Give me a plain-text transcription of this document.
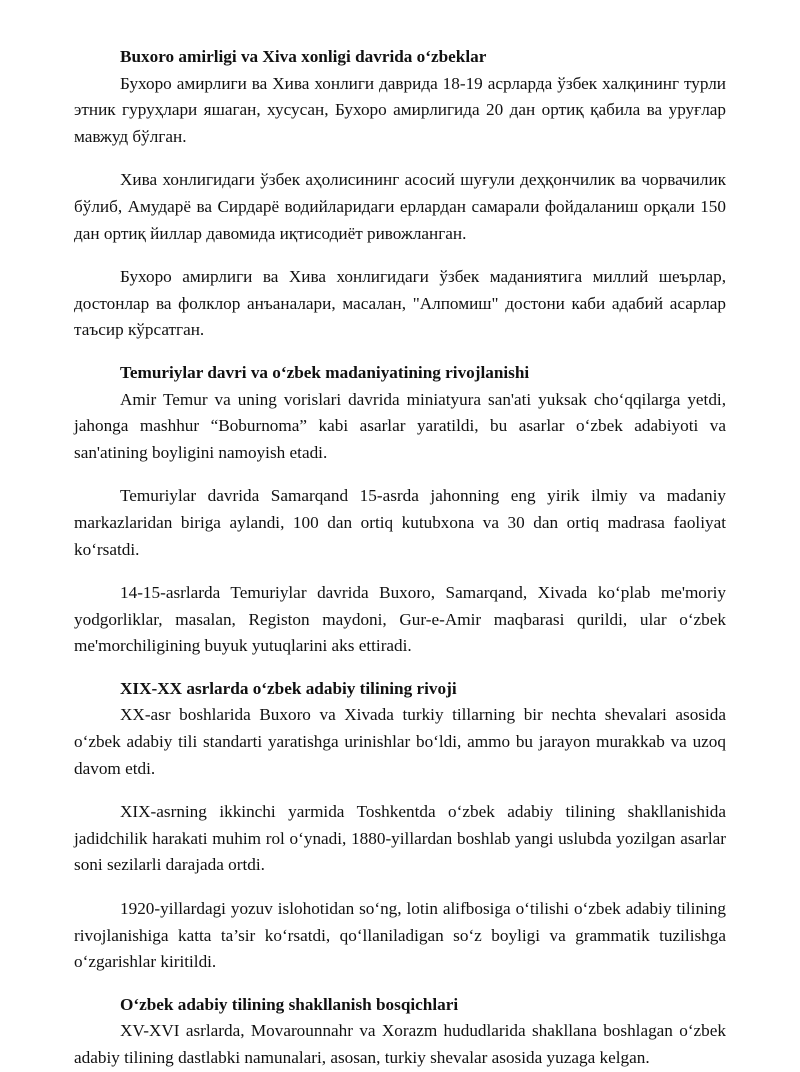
Buxoro amirligi va Xiva xonligi davrida o‘zbeklar

Бухоро амирлиги ва Хива хонлиги даврида 18-19 асрларда ўзбек халқининг турли этник гуруҳлари яшаган, хусусан, Бухоро амирлигида 20 дан ортиқ қабила ва уруғлар мавжуд бўлган.

Хива хонлигидаги ўзбек аҳолисининг асосий шуғули деҳқончилик ва чорвачилик бўлиб, Амударё ва Сирдарё водийларидаги ерлардан самарали фойдаланиш орқали 150 дан ортиқ йиллар давомида иқтисодиёт ривожланган.

Бухоро амирлиги ва Хива хонлигидаги ўзбек маданиятига миллий шеърлар, достонлар ва фолклор анъаналари, масалан, "Алпомиш" достони каби адабий асарлар таъсир кўрсатган.

Temuriylar davri va o‘zbek madaniyatining rivojlanishi

Amir Temur va uning vorislari davrida miniatyura san'ati yuksak cho‘qqilarga yetdi, jahonga mashhur “Boburnoma” kabi asarlar yaratildi, bu asarlar o‘zbek adabiyoti va san'atining boyligini namoyish etadi.

Temuriylar davrida Samarqand 15-asrda jahonning eng yirik ilmiy va madaniy markazlaridan biriga aylandi, 100 dan ortiq kutubxona va 30 dan ortiq madrasa faoliyat ko‘rsatdi.

14-15-asrlarda Temuriylar davrida Buxoro, Samarqand, Xivada ko‘plab me'moriy yodgorliklar, masalan, Registon maydoni, Gur-e-Amir maqbarasi qurildi, ular o‘zbek me'morchiligining buyuk yutuqlarini aks ettiradi.

XIX-XX asrlarda o‘zbek adabiy tilining rivoji

XX-asr boshlarida Buxoro va Xivada turkiy tillarning bir nechta shevalari asosida o‘zbek adabiy tili standarti yaratishga urinishlar bo‘ldi, ammo bu jarayon murakkab va uzoq davom etdi.

XIX-asrning ikkinchi yarmida Toshkentda o‘zbek adabiy tilining shakllanishida jadidchilik harakati muhim rol o‘ynadi, 1880-yillardan boshlab yangi uslubda yozilgan asarlar soni sezilarli darajada ortdi.

1920-yillardagi yozuv islohotidan so‘ng, lotin alifbosiga o‘tilishi o‘zbek adabiy tilining rivojlanishiga katta ta’sir ko‘rsatdi, qo‘llaniladigan so‘z boyligi va grammatik tuzilishga o‘zgarishlar kiritildi.

O‘zbek adabiy tilining shakllanish bosqichlari

XV-XVI asrlarda, Movarounnahr va Xorazm hududlarida shakllana boshlagan o‘zbek adabiy tilining dastlabki namunalari, asosan, turkiy shevalar asosida yuzaga kelgan.
